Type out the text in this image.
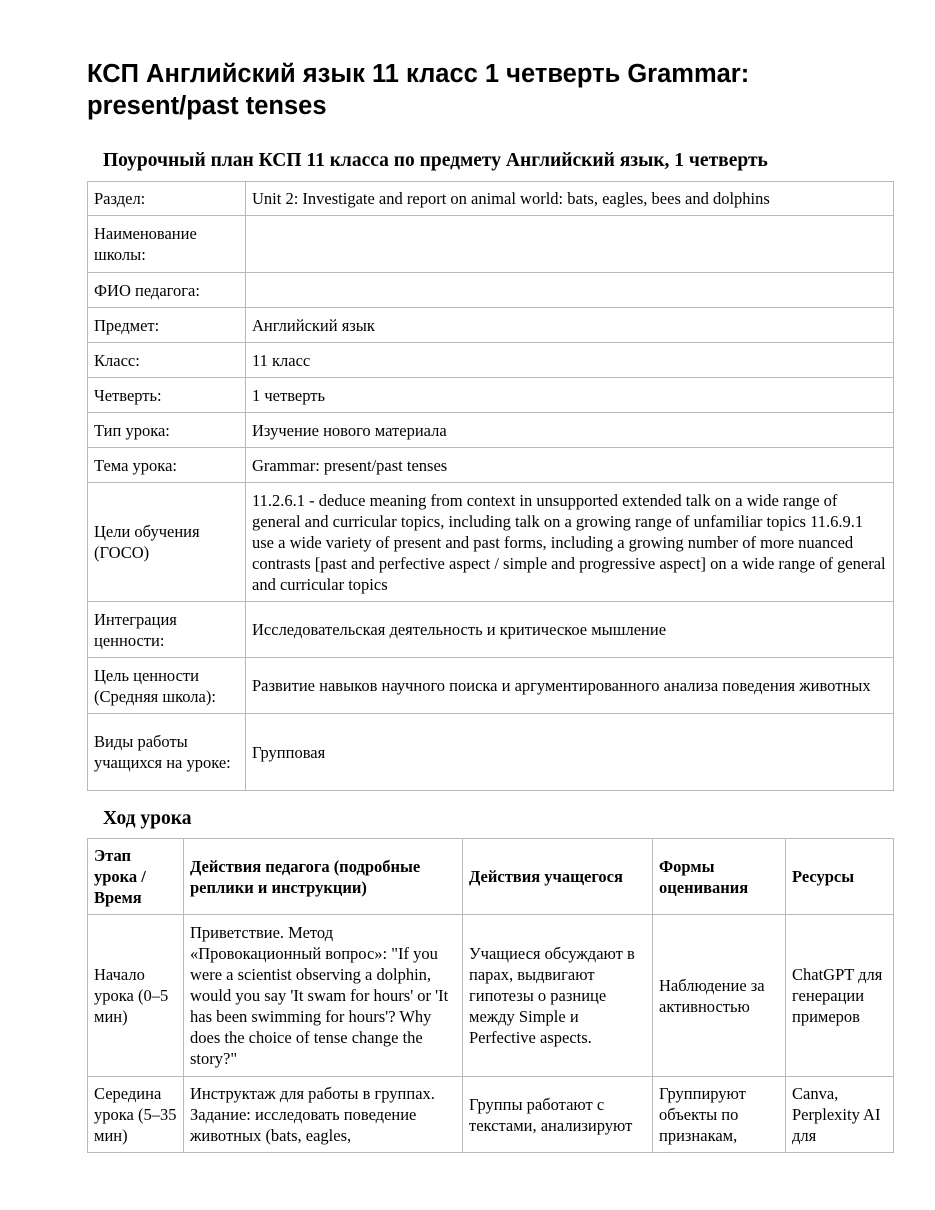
КСП Английский язык 11 класс 1 четверть Grammar: present/past tenses
Поурочный план КСП 11 класса по предмету Английский язык, 1 четверть
Раздел:	Unit 2: Investigate and report on animal world: bats, eagles, bees and dolphins
Наименование школы:	
ФИО педагога:	
Предмет:	Английский язык
Класс:	11 класс
Четверть:	1 четверть
Тип урока:	Изучение нового материала
Тема урока:	Grammar: present/past tenses
Цели обучения (ГОСО)	11.2.6.1 - deduce meaning from context in unsupported extended talk on a wide range of general and curricular topics, including talk on a growing range of unfamiliar topics 11.6.9.1 use a wide variety of present and past forms, including a growing number of more nuanced contrasts [past and perfective aspect / simple and progressive aspect] on a wide range of general and curricular topics
Интеграция ценности:	Исследовательская деятельность и критическое мышление
Цель ценности (Средняя школа):	Развитие навыков научного поиска и аргументированного анализа поведения животных
Виды работы учащихся на уроке:	Групповая
Ход урока
Этап урока / Время	Действия педагога (подробные реплики и инструкции)	Действия учащегося	Формы оценивания	Ресурсы
Начало урока (0–5 мин)	Приветствие. Метод «Провокационный вопрос»: "If you were a scientist observing a dolphin, would you say 'It swam for hours' or 'It has been swimming for hours'? Why does the choice of tense change the story?"	Учащиеся обсуждают в парах, выдвигают гипотезы о разнице между Simple и Perfective aspects.	Наблюдение за активностью	ChatGPT для генерации примеров
Середина урока (5–35 мин)	Инструктаж для работы в группах. Задание: исследовать поведение животных (bats, eagles,	Группы работают с текстами, анализируют	Группируют объекты по признакам,	Canva, Perplexity AI для
